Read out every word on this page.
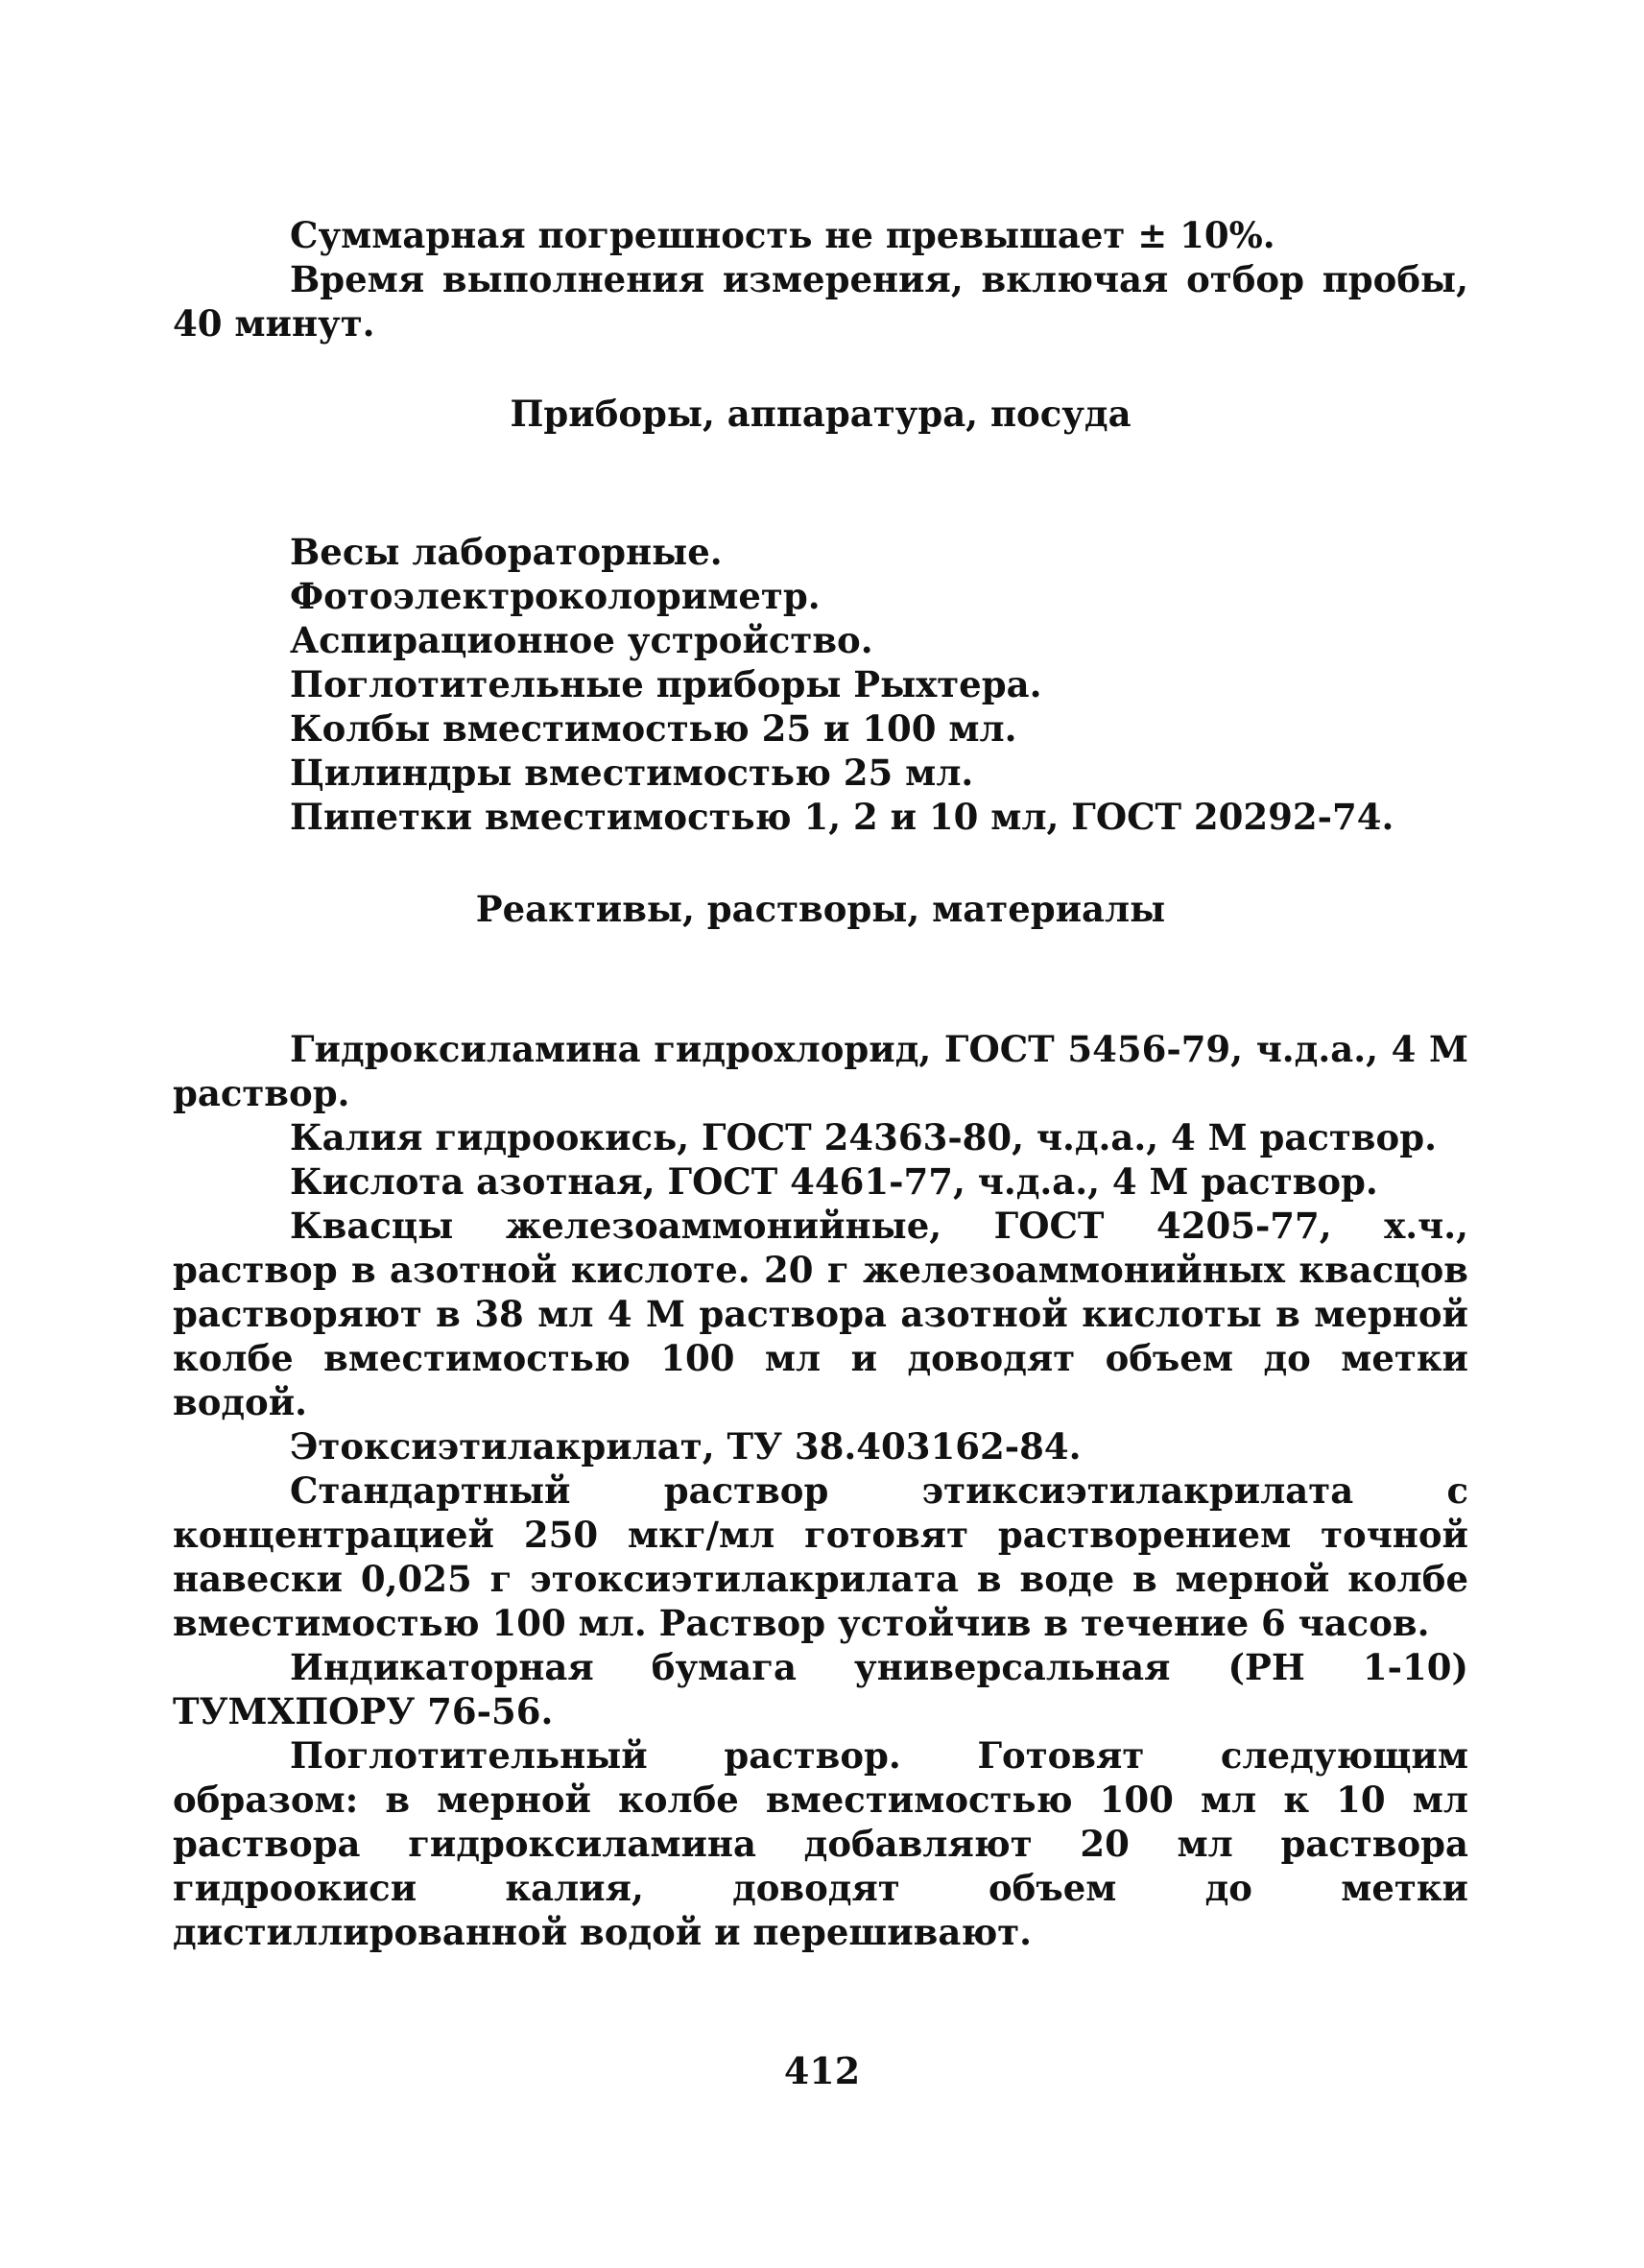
Суммарная погрешность не превышает ± 10%.

Время выполнения измерения, включая отбор пробы, 40 минут.

Приборы, аппаратура, посуда

Весы лабораторные.

Фотоэлектроколориметр.

Аспирационное устройство.

Поглотительные приборы Рыхтера.

Колбы вместимостью 25 и 100 мл.

Цилиндры вместимостью 25 мл.

Пипетки вместимостью 1, 2 и 10 мл, ГОСТ 20292-74.

Реактивы, растворы, материалы

Гидроксиламина гидрохлорид, ГОСТ 5456-79, ч.д.а., 4 М раствор.

Калия гидроокись, ГОСТ 24363-80, ч.д.а., 4 М раствор.

Кислота азотная, ГОСТ 4461-77, ч.д.а., 4 М раствор.

Квасцы железоаммонийные, ГОСТ 4205-77, х.ч., раствор в азотной кислоте. 20 г железоаммонийных квасцов растворяют в 38 мл 4 М раствора азотной кислоты в мерной колбе вместимостью 100 мл и доводят объем до метки водой.

Этоксиэтилакрилат, ТУ 38.403162-84.

Стандартный раствор этиксиэтилакрилата с концентрацией 250 мкг/мл готовят растворением точной навески 0,025 г этоксиэтилакрилата в воде в мерной колбе вместимостью 100 мл. Раствор устойчив в течение 6 часов.

Индикаторная бумага универсальная (РН 1-10) ТУМХПОРУ 76-56.

Поглотительный раствор. Готовят следующим образом: в мерной колбе вместимостью 100 мл к 10 мл раствора гидроксиламина добавляют 20 мл раствора гидроокиси калия, доводят объем до метки дистиллированной водой и перешивают.

412
